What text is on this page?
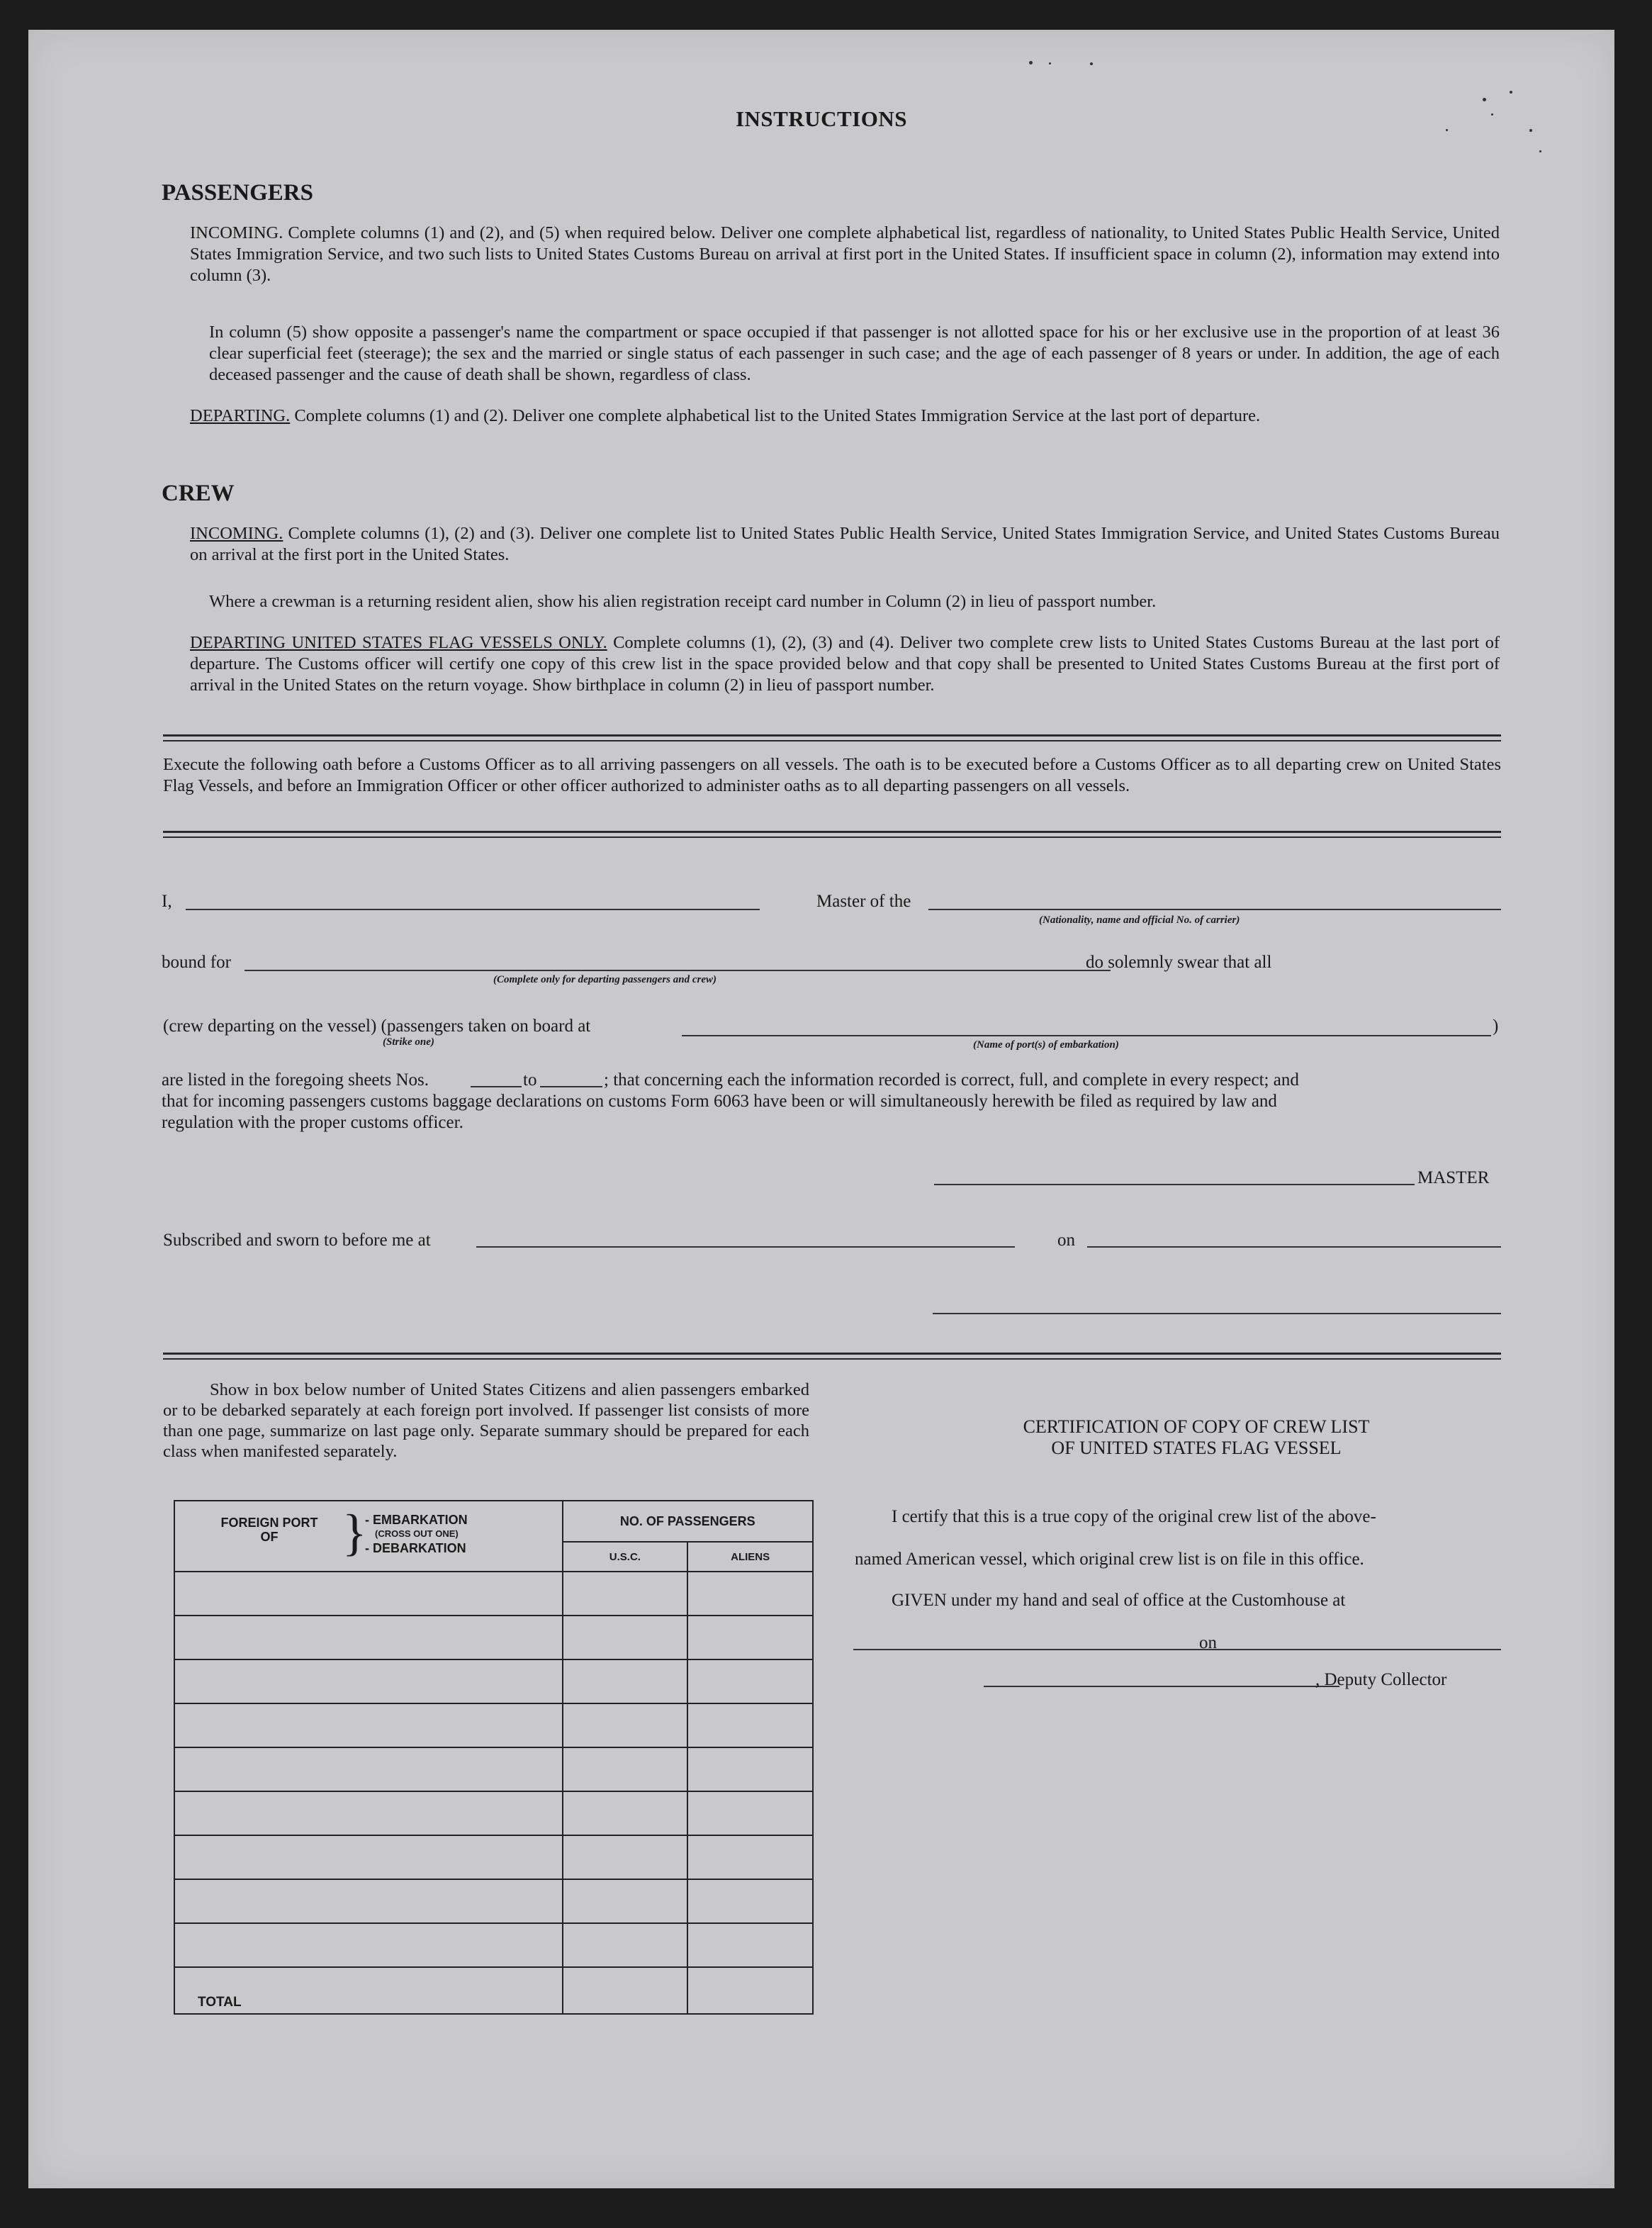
INSTRUCTIONS
PASSENGERS
INCOMING. Complete columns (1) and (2), and (5) when required below. Deliver one complete alphabetical list, regardless of nationality, to United States Public Health Service, United States Immigration Service, and two such lists to United States Customs Bureau on arrival at first port in the United States. If insufficient space in column (2), information may extend into column (3).
In column (5) show opposite a passenger's name the compartment or space occupied if that passenger is not allotted space for his or her exclusive use in the proportion of at least 36 clear superficial feet (steerage); the sex and the married or single status of each passenger in such case; and the age of each passenger of 8 years or under. In addition, the age of each deceased passenger and the cause of death shall be shown, regardless of class.
DEPARTING. Complete columns (1) and (2). Deliver one complete alphabetical list to the United States Immigration Service at the last port of departure.
CREW
INCOMING. Complete columns (1), (2) and (3). Deliver one complete list to United States Public Health Service, United States Immigration Service, and United States Customs Bureau on arrival at the first port in the United States.
Where a crewman is a returning resident alien, show his alien registration receipt card number in Column (2) in lieu of passport number.
DEPARTING UNITED STATES FLAG VESSELS ONLY. Complete columns (1), (2), (3) and (4). Deliver two complete crew lists to United States Customs Bureau at the last port of departure. The Customs officer will certify one copy of this crew list in the space provided below and that copy shall be presented to United States Customs Bureau at the first port of arrival in the United States on the return voyage. Show birthplace in column (2) in lieu of passport number.
Execute the following oath before a Customs Officer as to all arriving passengers on all vessels. The oath is to be executed before a Customs Officer as to all departing crew on United States Flag Vessels, and before an Immigration Officer or other officer authorized to administer oaths as to all departing passengers on all vessels.
I,	Master of the
(Nationality, name and official No. of carrier)
bound for
(Complete only for departing passengers and crew)
do solemnly swear that all
(crew departing on the vessel) (passengers taken on board at
(Strike one)	(Name of port(s) of embarkation)
)
are listed in the foregoing sheets Nos.	to	; that concerning each the information recorded is correct, full, and complete in every respect; and
that for incoming passengers customs baggage declarations on customs Form 6063 have been or will simultaneously herewith be filed as required by law and
regulation with the proper customs officer.
MASTER
Subscribed and sworn to before me at	on
Show in box below number of United States Citizens and alien passengers embarked or to be debarked separately at each foreign port involved. If passenger list consists of more than one page, summarize on last page only. Separate summary should be prepared for each class when manifested separately.
FOREIGN PORT OF }
- EMBARKATION
(CROSS OUT ONE)
- DEBARKATION	NO. OF PASSENGERS	
	U.S.C.	ALIENS

TOTAL		
CERTIFICATION OF COPY OF CREW LIST
OF UNITED STATES FLAG VESSEL
I certify that this is a true copy of the original crew list of the above-
named American vessel, which original crew list is on file in this office.
GIVEN under my hand and seal of office at the Customhouse at
on
, Deputy Collector
